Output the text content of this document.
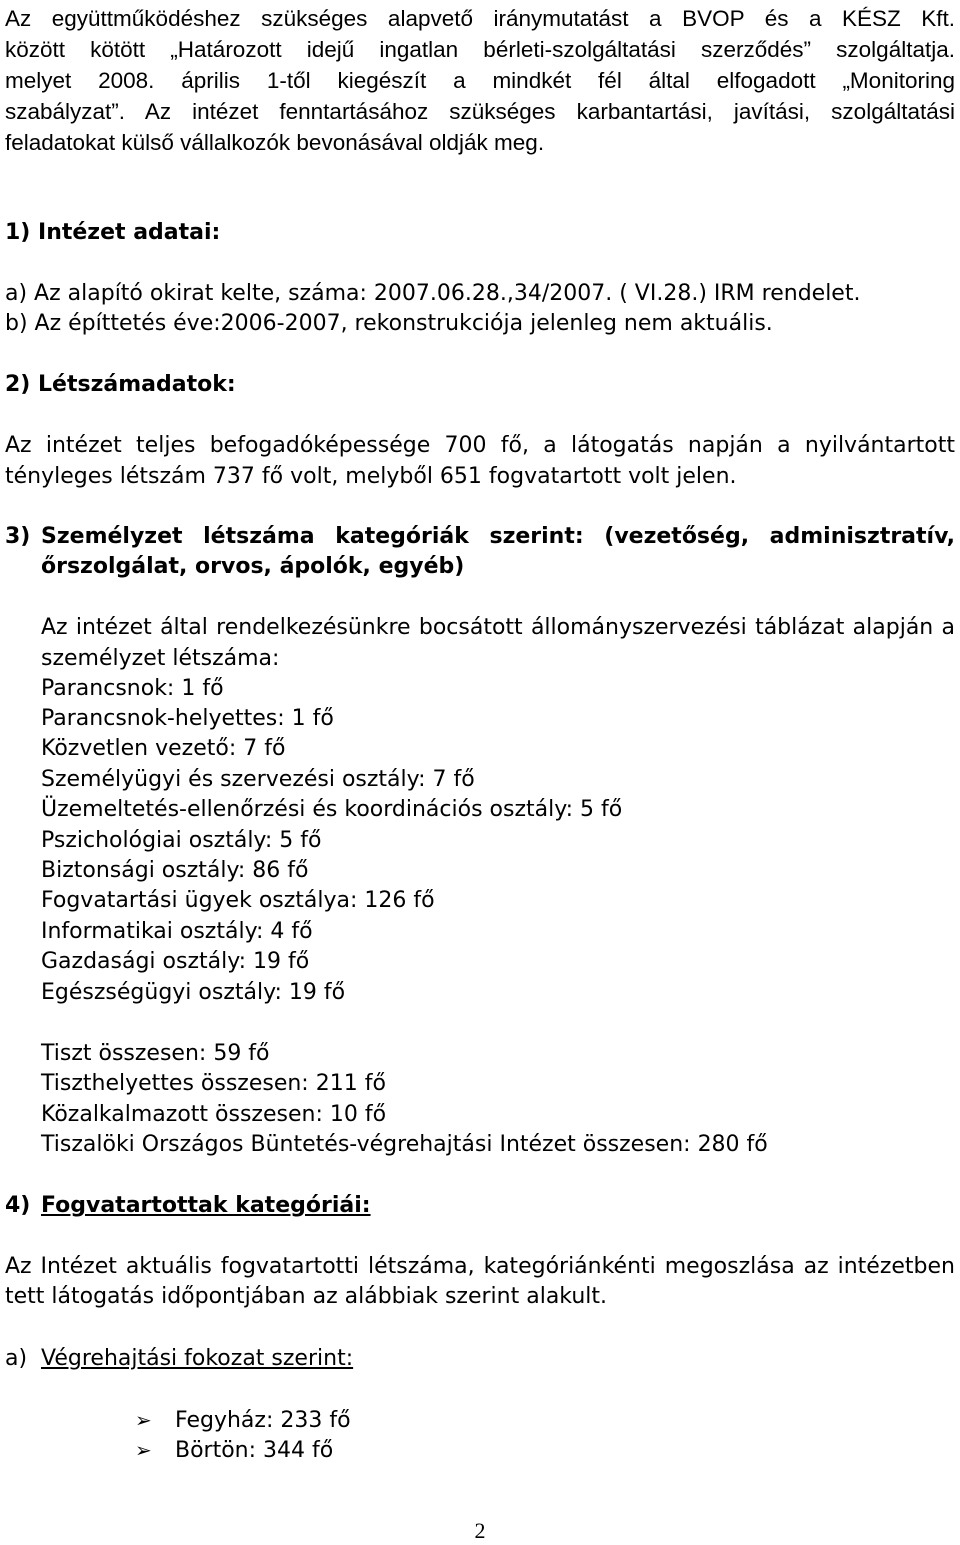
Az együttműködéshez szükséges alapvető iránymutatást a BVOP és a KÉSZ Kft.
között kötött „Határozott idejű ingatlan bérleti-szolgáltatási szerződés” szolgáltatja.
melyet 2008. április 1-től kiegészít a mindkét fél által elfogadott „Monitoring
szabályzat”. Az intézet fenntartásához szükséges karbantartási, javítási, szolgáltatási
feladatokat külső vállalkozók bevonásával oldják meg.
1) Intézet adatai:
a) Az alapító okirat kelte, száma: 2007.06.28.,34/2007. ( VI.28.) IRM rendelet.
b) Az építtetés éve:2006-2007, rekonstrukciója jelenleg nem aktuális.
2) Létszámadatok:
Az intézet teljes befogadóképessége 700 fő, a látogatás napján a nyilvántartott
tényleges létszám 737 fő volt, melyből 651 fogvatartott volt jelen.
3) Személyzet létszáma kategóriák szerint: (vezetőség, adminisztratív,
őrszolgálat, orvos, ápolók, egyéb)
Az intézet által rendelkezésünkre bocsátott állományszervezési táblázat alapján a
személyzet létszáma:
Parancsnok: 1 fő
Parancsnok-helyettes: 1 fő
Közvetlen vezető: 7 fő
Személyügyi és szervezési osztály: 7 fő
Üzemeltetés-ellenőrzési és koordinációs osztály: 5 fő
Pszichológiai osztály: 5 fő
Biztonsági osztály: 86 fő
Fogvatartási ügyek osztálya: 126 fő
Informatikai osztály: 4 fő
Gazdasági osztály: 19 fő
Egészségügyi osztály: 19 fő
Tiszt összesen: 59 fő
Tiszthelyettes összesen: 211 fő
Közalkalmazott összesen: 10 fő
Tiszalöki Országos Büntetés-végrehajtási Intézet összesen: 280 fő
4) Fogvatartottak kategóriái:
Az Intézet aktuális fogvatartotti létszáma, kategóriánkénti megoszlása az intézetben
tett látogatás időpontjában az alábbiak szerint alakult.
a) Végrehajtási fokozat szerint:
➢ Fegyház: 233 fő
➢ Börtön: 344 fő
2
